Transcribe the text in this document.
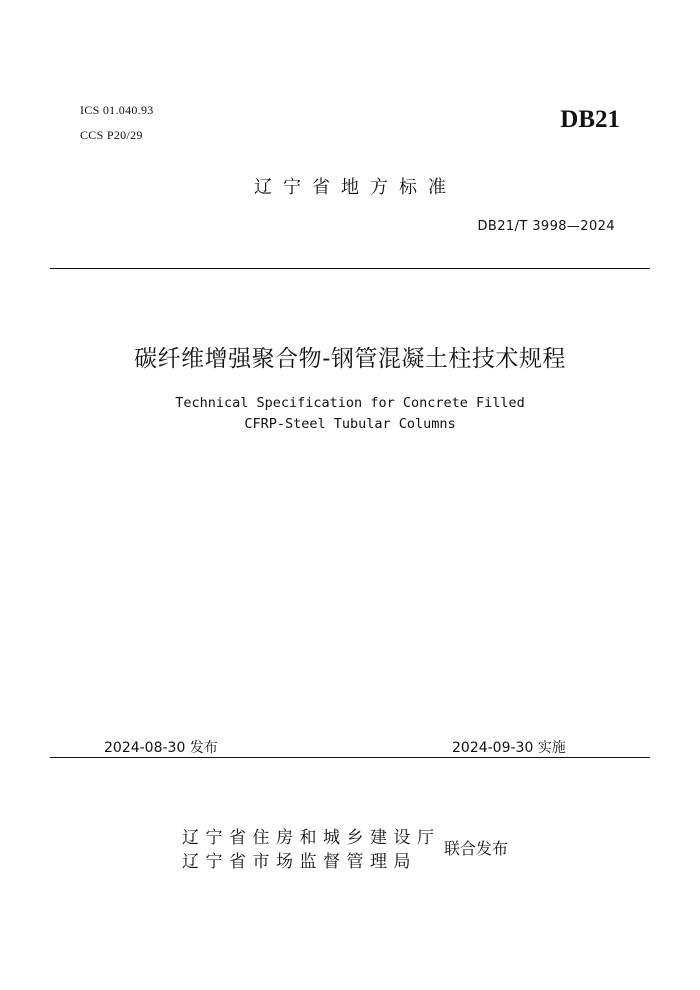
ICS 01.040.93
CCS P20/29
DB21
辽宁省地方标准
DB21/T 3998—2024
碳纤维增强聚合物-钢管混凝土柱技术规程
Technical Specification for Concrete Filled
CFRP-Steel Tubular Columns
2024-08-30 发布	2024-09-30 实施
辽宁省住房和城乡建设厅
辽宁省市场监督管理局
联合发布
